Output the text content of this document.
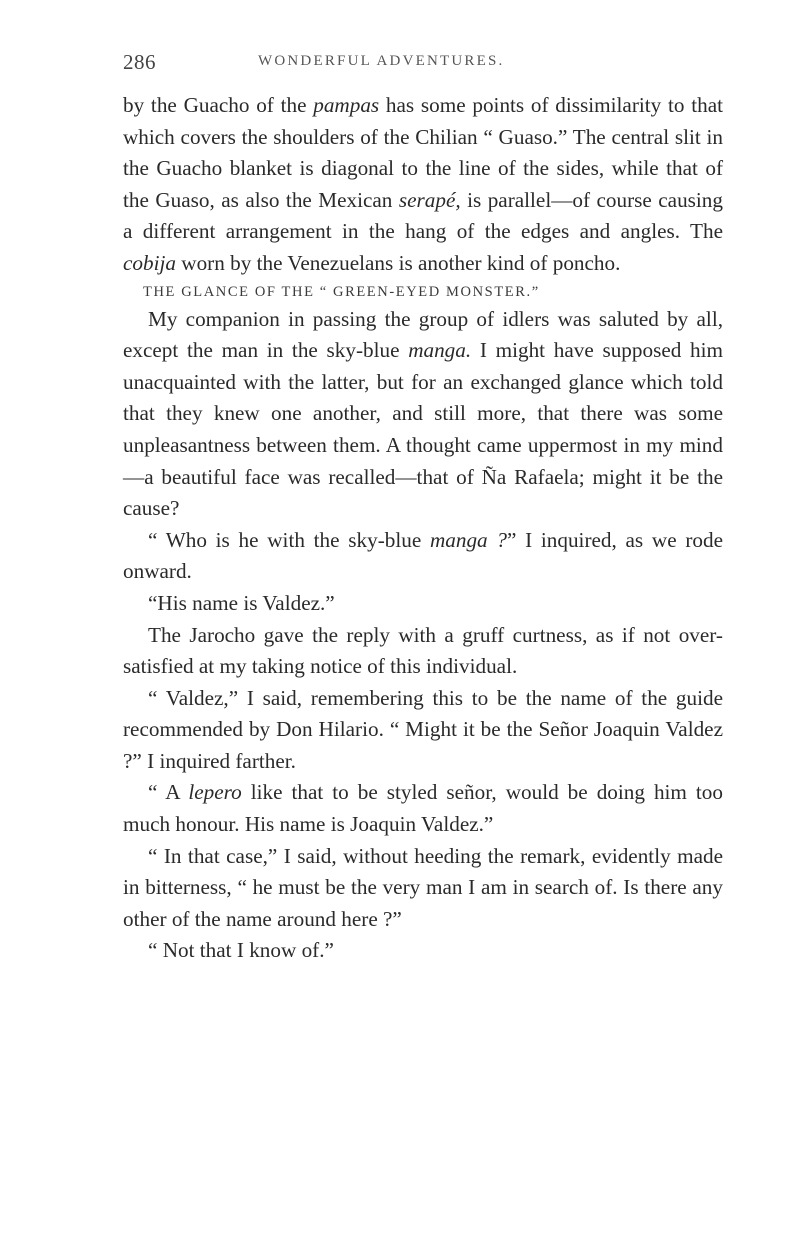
286	WONDERFUL ADVENTURES.

by the Guacho of the pampas has some points of dissimilarity to that which covers the shoulders of the Chilian “ Guaso.” The central slit in the Guacho blanket is diagonal to the line of the sides, while that of the Guaso, as also the Mexican serapé, is parallel—of course causing a different arrangement in the hang of the edges and angles. The cobija worn by the Venezuelans is another kind of poncho.

THE GLANCE OF THE “ GREEN-EYED MONSTER.”

My companion in passing the group of idlers was saluted by all, except the man in the sky-blue manga. I might have supposed him unacquainted with the latter, but for an exchanged glance which told that they knew one another, and still more, that there was some unpleasantness between them. A thought came uppermost in my mind—a beautiful face was recalled—that of Ña Rafaela; might it be the cause?

“ Who is he with the sky-blue manga ?” I inquired, as we rode onward.

“His name is Valdez.”

The Jarocho gave the reply with a gruff curtness, as if not over-satisfied at my taking notice of this individual.

“ Valdez,” I said, remembering this to be the name of the guide recommended by Don Hilario. “ Might it be the Señor Joaquin Valdez ?” I inquired farther.

“ A lepero like that to be styled señor, would be doing him too much honour. His name is Joaquin Valdez.”

“ In that case,” I said, without heeding the remark, evidently made in bitterness, “ he must be the very man I am in search of. Is there any other of the name around here ?”

“ Not that I know of.”
